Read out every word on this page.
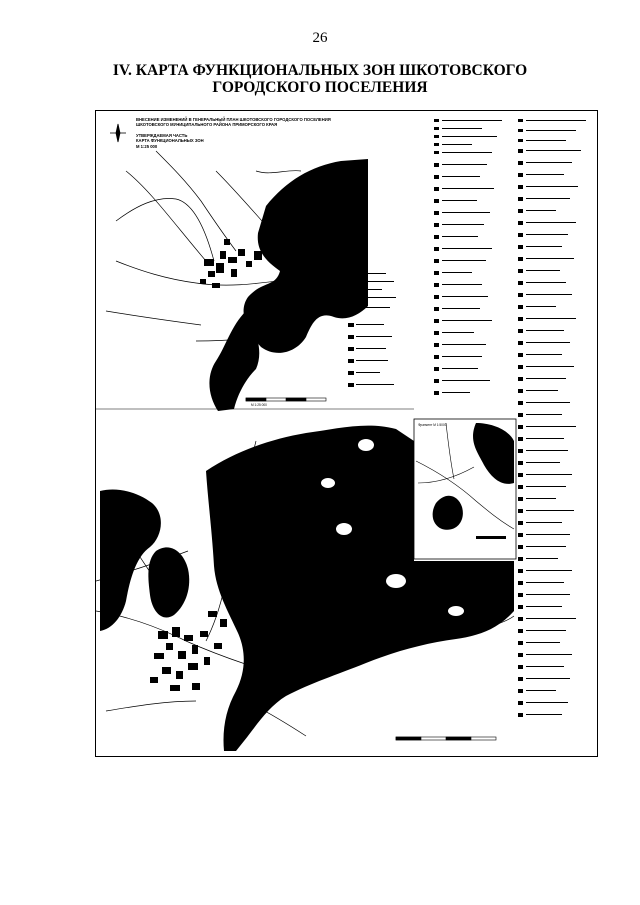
26
IV. КАРТА ФУНКЦИОНАЛЬНЫХ ЗОН ШКОТОВСКОГО
ГОРОДСКОГО ПОСЕЛЕНИЯ
ВНЕСЕНИЕ ИЗМЕНЕНИЙ В ГЕНЕРАЛЬНЫЙ ПЛАН ШКОТОВСКОГО ГОРОДСКОГО ПОСЕЛЕНИЯ
ШКОТОВСКОГО МУНИЦИПАЛЬНОГО РАЙОНА ПРИМОРСКОГО КРАЯ
УТВЕРЖДАЕМАЯ ЧАСТЬ
КАРТА ФУНКЦИОНАЛЬНЫХ ЗОН
М 1:25 000
М 1:25 000
Фрагмент М 1:5000
